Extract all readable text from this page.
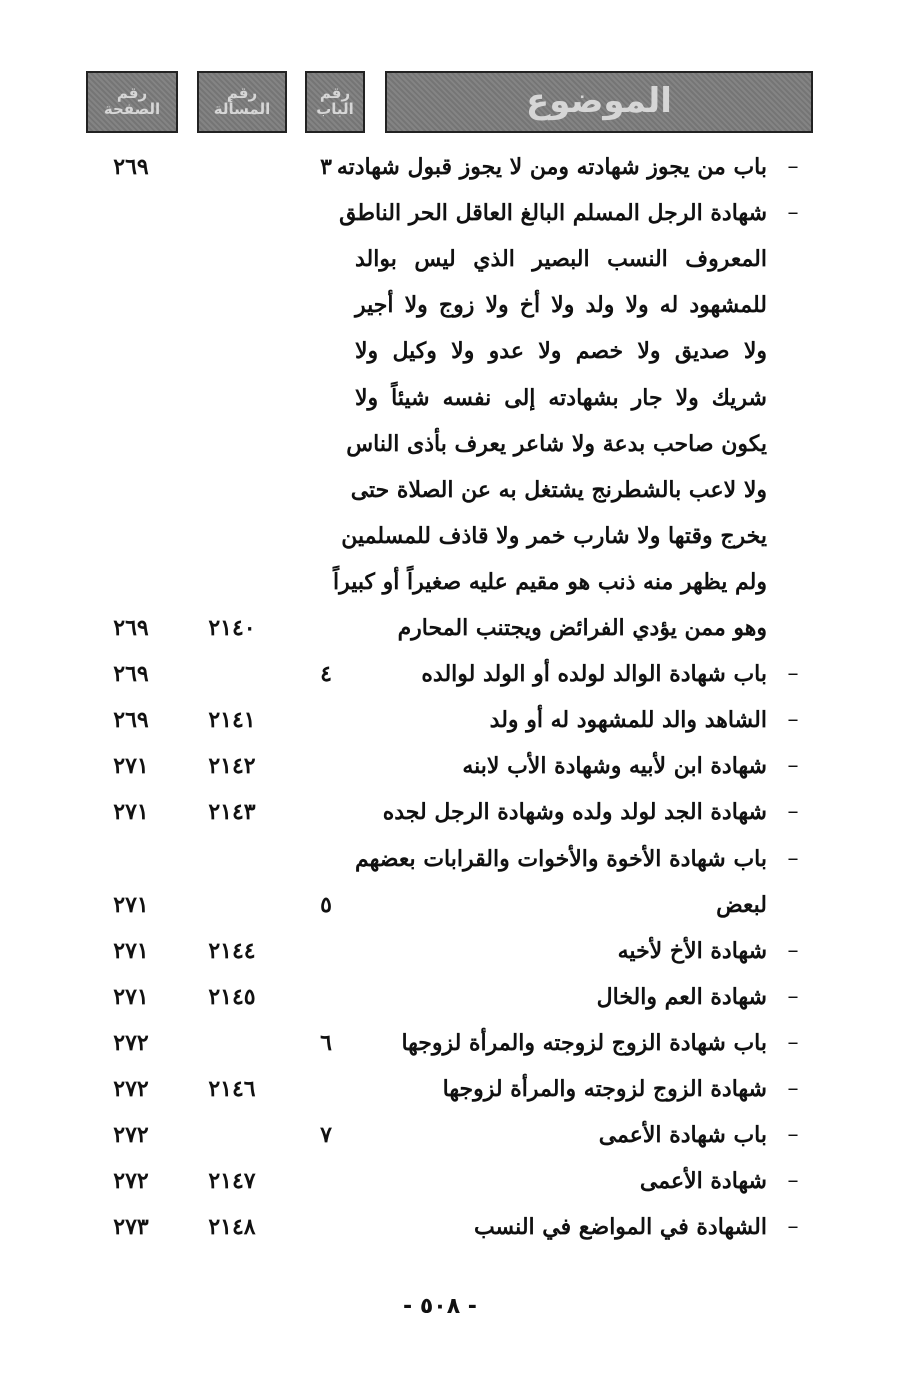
الموضوع
رقم
الباب
رقم
المسألة
رقم
الصفحة
–
باب من يجوز شهادته ومن لا يجوز قبول شهادته
٣
٢٦٩
–
شهادة الرجل المسلم البالغ العاقل الحر الناطق
المعروف النسب البصير الذي ليس بوالد
للمشهود له ولا ولد ولا أخ ولا زوج ولا أجير
ولا صديق ولا خصم ولا عدو ولا وكيل ولا
شريك ولا جار بشهادته إلى نفسه شيئاً ولا
يكون صاحب بدعة ولا شاعر يعرف بأذى الناس
ولا لاعب بالشطرنج يشتغل به عن الصلاة حتى
يخرج وقتها ولا شارب خمر ولا قاذف للمسلمين
ولم يظهر منه ذنب هو مقيم عليه صغيراً أو كبيراً
وهو ممن يؤدي الفرائض ويجتنب المحارم
٢١٤٠
٢٦٩
–
باب شهادة الوالد لولده أو الولد لوالده
٤
٢٦٩
–
الشاهد والد للمشهود له أو ولد
٢١٤١
٢٦٩
–
شهادة ابن لأبيه وشهادة الأب لابنه
٢١٤٢
٢٧١
–
شهادة الجد لولد ولده وشهادة الرجل لجده
٢١٤٣
٢٧١
–
باب شهادة الأخوة والأخوات والقرابات بعضهم
لبعض
٥
٢٧١
–
شهادة الأخ لأخيه
٢١٤٤
٢٧١
–
شهادة العم والخال
٢١٤٥
٢٧١
–
باب شهادة الزوج لزوجته والمرأة لزوجها
٦
٢٧٢
–
شهادة الزوج لزوجته والمرأة لزوجها
٢١٤٦
٢٧٢
–
باب شهادة الأعمى
٧
٢٧٢
–
شهادة الأعمى
٢١٤٧
٢٧٢
–
الشهادة في المواضع في النسب
٢١٤٨
٢٧٣
- ٥٠٨ -
